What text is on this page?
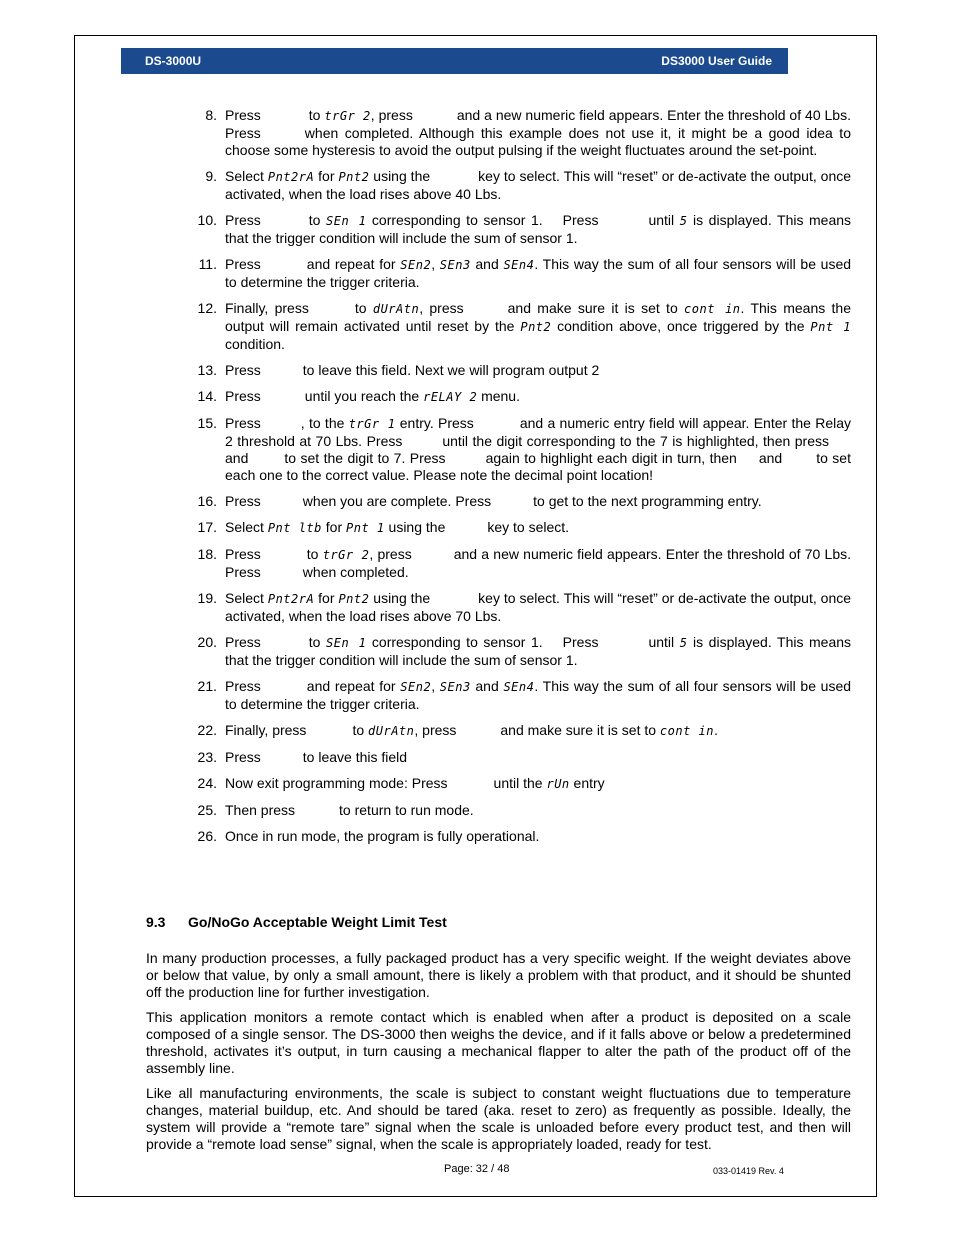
DS-3000U	DS3000 User Guide
8. Press	to trGr 2, press	and a new numeric field appears. Enter the threshold of 40 Lbs. Press	when completed. Although this example does not use it, it might be a good idea to choose some hysteresis to avoid the output pulsing if the weight fluctuates around the set-point.
9. Select Pnt2rA for Pnt2 using the	key to select. This will “reset” or de-activate the output, once activated, when the load rises above 40 Lbs.
10. Press	to SEn 1 corresponding to sensor 1. Press	until 5 is displayed. This means that the trigger condition will include the sum of sensor 1.
11. Press	and repeat for SEn2, SEn3 and SEn4. This way the sum of all four sensors will be used to determine the trigger criteria.
12. Finally, press	to dUrAtn, press	and make sure it is set to cont in. This means the output will remain activated until reset by the Pnt2 condition above, once triggered by the Pnt 1 condition.
13. Press	to leave this field. Next we will program output 2
14. Press	until you reach the rELAY 2 menu.
15. Press	, to the trGr 1 entry. Press	and a numeric entry field will appear. Enter the Relay 2 threshold at 70 Lbs. Press	until the digit corresponding to the 7 is highlighted, then pressand	to set the digit to 7. Press	again to highlight each digit in turn, then and to set each one to the correct value. Please note the decimal point location!
16. Press	when you are complete. Press	to get to the next programming entry.
17. Select Pnt ltb for Pnt 1 using the	key to select.
18. Press	to trGr 2, press	and a new numeric field appears. Enter the threshold of 70 Lbs. Press	when completed.
19. Select Pnt2rA for Pnt2 using the	key to select. This will “reset” or de-activate the output, once activated, when the load rises above 70 Lbs.
20. Press	to SEn 1 corresponding to sensor 1. Press	until 5 is displayed. This means that the trigger condition will include the sum of sensor 1.
21. Press	and repeat for SEn2, SEn3 and SEn4. This way the sum of all four sensors will be used to determine the trigger criteria.
22. Finally, press	to dUrAtn, press	and make sure it is set to cont in.
23. Press	to leave this field
24. Now exit programming mode: Press	until the rUn entry
25. Then press	to return to run mode.
26. Once in run mode, the program is fully operational.
9.3 Go/NoGo Acceptable Weight Limit Test

In many production processes, a fully packaged product has a very specific weight. If the weight deviates above or below that value, by only a small amount, there is likely a problem with that product, and it should be shunted off the production line for further investigation.

This application monitors a remote contact which is enabled when after a product is deposited on a scale composed of a single sensor. The DS-3000 then weighs the device, and if it falls above or below a predetermined threshold, activates it’s output, in turn causing a mechanical flapper to alter the path of the product off of the assembly line.

Like all manufacturing environments, the scale is subject to constant weight fluctuations due to temperature changes, material buildup, etc. And should be tared (aka. reset to zero) as frequently as possible. Ideally, the system will provide a “remote tare” signal when the scale is unloaded before every product test, and then will provide a “remote load sense” signal, when the scale is appropriately loaded, ready for test.

Page: 32 / 48	033-01419 Rev. 4
